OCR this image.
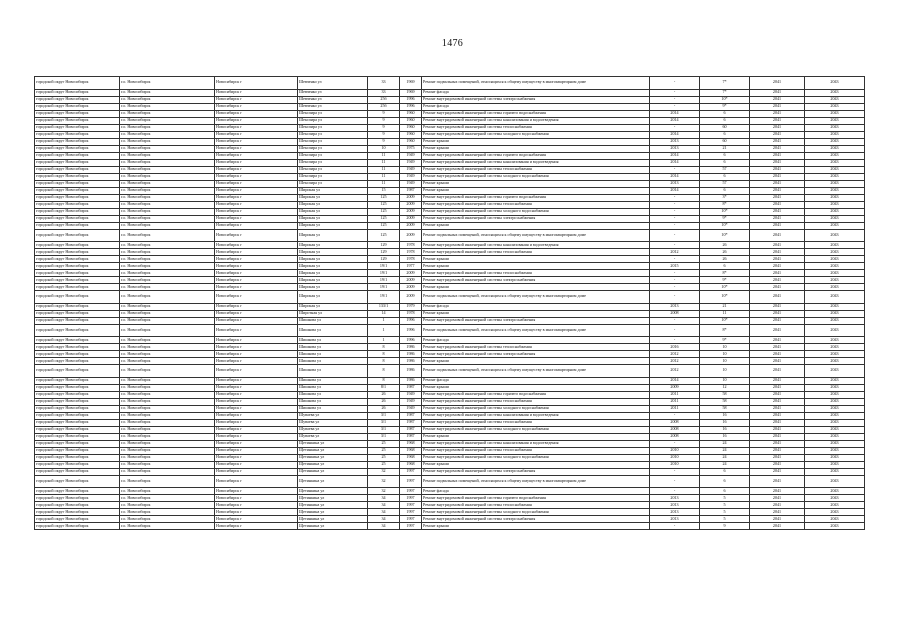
1476
городской округ Новосибирск	г.о. Новосибирск	Новосибирск г	Шевченко ул	33	1969	Ремонт подвальных помещений, относящихся к общему имуществу в многоквартирном доме	-	7*	2041	2043
городской округ Новосибирск	г.о. Новосибирск	Новосибирск г	Шевченко ул	33	1969	Ремонт фасада	-	7*	2041	2043
городской округ Новосибирск	г.о. Новосибирск	Новосибирск г	Шевченко ул	25б	1996	Ремонт внутридомовой инженерной системы электроснабжения	-	10*	2041	2043
городской округ Новосибирск	г.о. Новосибирск	Новосибирск г	Шевченко ул	25б	1996	Ремонт фасада	-	9*	2041	2043
городской округ Новосибирск	г.о. Новосибирск	Новосибирск г	Шекспира ул	9	1960	Ремонт внутридомовой инженерной системы горячего водоснабжения	2014	6	2041	2043
городской округ Новосибирск	г.о. Новосибирск	Новосибирск г	Шекспира ул	9	1960	Ремонт внутридомовой инженерной системы канализования и водоотведения	2014	6	2041	2043
городской округ Новосибирск	г.о. Новосибирск	Новосибирск г	Шекспира ул	9	1960	Ремонт внутридомовой инженерной системы теплоснабжения	-	60	2041	2043
городской округ Новосибирск	г.о. Новосибирск	Новосибирск г	Шекспира ул	9	1960	Ремонт внутридомовой инженерной системы холодного водоснабжения	2014	6	2041	2043
городской округ Новосибирск	г.о. Новосибирск	Новосибирск г	Шекспира ул	9	1960	Ремонт крыши	2013	60	2041	2043
городской округ Новосибирск	г.о. Новосибирск	Новосибирск г	Шекспира ул	10	1975	Ремонт крыши	2013	21	2041	2043
городской округ Новосибирск	г.о. Новосибирск	Новосибирск г	Шекспира ул	11	1949	Ремонт внутридомовой инженерной системы горячего водоснабжения	2014	6	2041	2043
городской округ Новосибирск	г.о. Новосибирск	Новосибирск г	Шекспира ул	11	1949	Ремонт внутридомовой инженерной системы канализования и водоотведения	2014	6	2041	2043
городской округ Новосибирск	г.о. Новосибирск	Новосибирск г	Шекспира ул	11	1949	Ремонт внутридомовой инженерной системы теплоснабжения	-	57	2041	2043
городской округ Новосибирск	г.о. Новосибирск	Новосибирск г	Шекспира ул	11	1949	Ремонт внутридомовой инженерной системы холодного водоснабжения	2014	6	2041	2043
городской округ Новосибирск	г.о. Новосибирск	Новосибирск г	Шекспира ул	11	1949	Ремонт крыши	2013	57	2041	2043
городской округ Новосибирск	г.о. Новосибирск	Новосибирск г	Широкая ул	15	1987	Ремонт крыши	2014	6	2041	2043
городской округ Новосибирск	г.о. Новосибирск	Новосибирск г	Широкая ул	125	2009	Ремонт внутридомовой инженерной системы горячего водоснабжения	-	3*	2041	2043
городской округ Новосибирск	г.о. Новосибирск	Новосибирск г	Широкая ул	125	2009	Ремонт внутридомовой инженерной системы теплоснабжения	-	8*	2041	2043
городской округ Новосибирск	г.о. Новосибирск	Новосибирск г	Широкая ул	125	2009	Ремонт внутридомовой инженерной системы холодного водоснабжения	-	10*	2041	2043
городской округ Новосибирск	г.о. Новосибирск	Новосибирск г	Широкая ул	125	2009	Ремонт внутридомовой инженерной системы электроснабжения	-	9*	2041	2043
городской округ Новосибирск	г.о. Новосибирск	Новосибирск г	Широкая ул	125	2009	Ремонт крыши	-	10*	2041	2043
городской округ Новосибирск	г.о. Новосибирск	Новосибирск г	Широкая ул	125	2009	Ремонт подвальных помещений, относящихся к общему имуществу в многоквартирном доме	-	10*	2041	2043
городской округ Новосибирск	г.о. Новосибирск	Новосибирск г	Широкая ул	129	1978	Ремонт внутридомовой инженерной системы канализования и водоотведения	-	26	2041	2043
городской округ Новосибирск	г.о. Новосибирск	Новосибирск г	Широкая ул	129	1978	Ремонт внутридомовой инженерной системы теплоснабжения	2012	26	2041	2043
городской округ Новосибирск	г.о. Новосибирск	Новосибирск г	Широкая ул	129	1978	Ремонт крыши	-	26	2041	2043
городской округ Новосибирск	г.о. Новосибирск	Новосибирск г	Широкая ул	19/1	1977	Ремонт крыши	2015	6	2041	2043
городской округ Новосибирск	г.о. Новосибирск	Новосибирск г	Широкая ул	19/1	2009	Ремонт внутридомовой инженерной системы теплоснабжения	-	8*	2041	2043
городской округ Новосибирск	г.о. Новосибирск	Новосибирск г	Широкая ул	19/1	2009	Ремонт внутридомовой инженерной системы электроснабжения	-	9*	2041	2043
городской округ Новосибирск	г.о. Новосибирск	Новосибирск г	Широкая ул	19/1	2009	Ремонт крыши	-	10*	2041	2043
городской округ Новосибирск	г.о. Новосибирск	Новосибирск г	Широкая ул	19/1	2009	Ремонт подвальных помещений, относящихся к общему имуществу в многоквартирном доме	-	10*	2041	2043
городской округ Новосибирск	г.о. Новосибирск	Новосибирск г	Широкая ул	133/1	1979	Ремонт фасада	2013	21	2041	2043
городской округ Новосибирск	г.о. Новосибирск	Новосибирск г	Широтная ул	14	1978	Ремонт крыши	2008	11	2041	2043
городской округ Новосибирск	г.о. Новосибирск	Новосибирск г	Шишкова ул	1	1996	Ремонт внутридомовой инженерной системы электроснабжения	-	10*	2041	2043
городской округ Новосибирск	г.о. Новосибирск	Новосибирск г	Шишкова ул	1	1996	Ремонт подвальных помещений, относящихся к общему имуществу в многоквартирном доме	-	8*	2041	2043
городской округ Новосибирск	г.о. Новосибирск	Новосибирск г	Шишкова ул	1	1996	Ремонт фасада	-	9*	2041	2043
городской округ Новосибирск	г.о. Новосибирск	Новосибирск г	Шишкова ул	8	1986	Ремонт внутридомовой инженерной системы теплоснабжения	2016	10	2041	2043
городской округ Новосибирск	г.о. Новосибирск	Новосибирск г	Шишкова ул	8	1986	Ремонт внутридомовой инженерной системы электроснабжения	2012	10	2041	2043
городской округ Новосибирск	г.о. Новосибирск	Новосибирск г	Шишкова ул	8	1986	Ремонт крыши	2012	10	2041	2043
городской округ Новосибирск	г.о. Новосибирск	Новосибирск г	Шишкова ул	8	1986	Ремонт подвальных помещений, относящихся к общему имуществу в многоквартирном доме	2012	10	2041	2043
городской округ Новосибирск	г.о. Новосибирск	Новосибирск г	Шишкова ул	8	1986	Ремонт фасада	2014	10	2041	2043
городской округ Новосибирск	г.о. Новосибирск	Новосибирск г	Шишкова ул	8/1	1987	Ремонт крыши	2009	12	2041	2043
городской округ Новосибирск	г.о. Новосибирск	Новосибирск г	Шишкова ул	26	1949	Ремонт внутридомовой инженерной системы горячего водоснабжения	2011	58	2041	2043
городской округ Новосибирск	г.о. Новосибирск	Новосибирск г	Шишкова ул	26	1949	Ремонт внутридомовой инженерной системы теплоснабжения	2011	58	2041	2043
городской округ Новосибирск	г.о. Новосибирск	Новосибирск г	Шишкова ул	26	1949	Ремонт внутридомовой инженерной системы холодного водоснабжения	2011	58	2041	2043
городской округ Новосибирск	г.о. Новосибирск	Новосибирск г	Шуваева ул	3/1	1987	Ремонт внутридомовой инженерной системы канализования и водоотведения	-	16	2041	2043
городской округ Новосибирск	г.о. Новосибирск	Новосибирск г	Шуваева ул	3/1	1987	Ремонт внутридомовой инженерной системы теплоснабжения	2008	16	2041	2043
городской округ Новосибирск	г.о. Новосибирск	Новосибирск г	Шуваева ул	3/1	1987	Ремонт внутридомовой инженерной системы холодного водоснабжения	2008	16	2041	2043
городской округ Новосибирск	г.о. Новосибирск	Новосибирск г	Шуваева ул	3/1	1987	Ремонт крыши	2008	16	2041	2043
городской округ Новосибирск	г.о. Новосибирск	Новосибирск г	Щетинкина ул	25	1968	Ремонт внутридомовой инженерной системы канализования и водоотведения	-	24	2041	2043
городской округ Новосибирск	г.о. Новосибирск	Новосибирск г	Щетинкина ул	25	1968	Ремонт внутридомовой инженерной системы теплоснабжения	2010	24	2041	2043
городской округ Новосибирск	г.о. Новосибирск	Новосибирск г	Щетинкина ул	25	1968	Ремонт внутридомовой инженерной системы холодного водоснабжения	2010	24	2041	2043
городской округ Новосибирск	г.о. Новосибирск	Новосибирск г	Щетинкина ул	25	1968	Ремонт крыши	2010	24	2041	2043
городской округ Новосибирск	г.о. Новосибирск	Новосибирск г	Щетинкина ул	32	1997	Ремонт внутридомовой инженерной системы электроснабжения	-	6	2041	2043
городской округ Новосибирск	г.о. Новосибирск	Новосибирск г	Щетинкина ул	32	1997	Ремонт подвальных помещений, относящихся к общему имуществу в многоквартирном доме	-	6	2041	2043
городской округ Новосибирск	г.о. Новосибирск	Новосибирск г	Щетинкина ул	32	1997	Ремонт фасада	-	6	2041	2043
городской округ Новосибирск	г.о. Новосибирск	Новосибирск г	Щетинкина ул	34	1997	Ремонт внутридомовой инженерной системы горячего водоснабжения	2013	5	2041	2043
городской округ Новосибирск	г.о. Новосибирск	Новосибирск г	Щетинкина ул	34	1997	Ремонт внутридомовой инженерной системы теплоснабжения	2013	5	2041	2043
городской округ Новосибирск	г.о. Новосибирск	Новосибирск г	Щетинкина ул	34	1997	Ремонт внутридомовой инженерной системы холодного водоснабжения	2013	5	2041	2043
городской округ Новосибирск	г.о. Новосибирск	Новосибирск г	Щетинкина ул	34	1997	Ремонт внутридомовой инженерной системы электроснабжения	2013	5	2041	2043
городской округ Новосибирск	г.о. Новосибирск	Новосибирск г	Щетинкина ул	34	1997	Ремонт крыши	-	9	2041	2043
